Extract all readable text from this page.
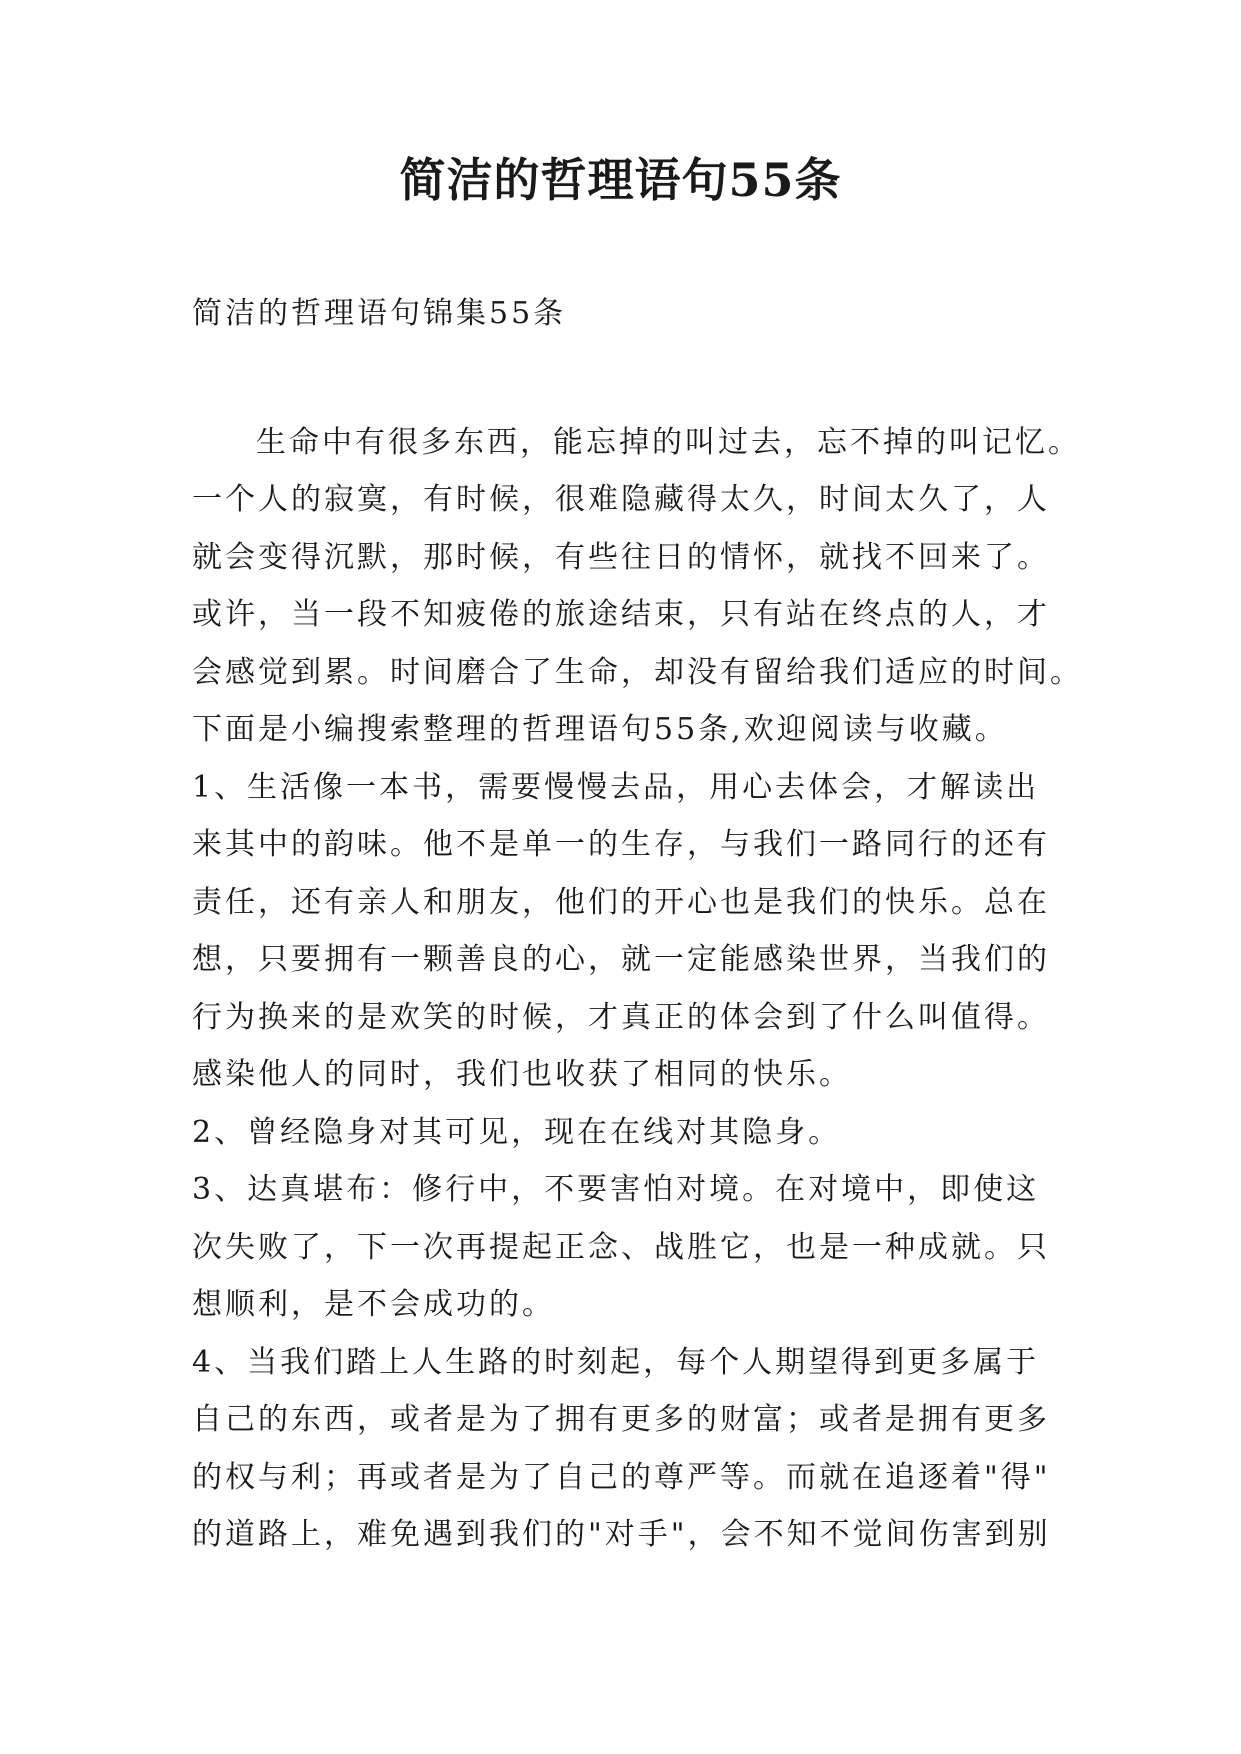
简洁的哲理语句55条
简洁的哲理语句锦集55条
生命中有很多东西，能忘掉的叫过去，忘不掉的叫记忆。
一个人的寂寞，有时候，很难隐藏得太久，时间太久了，人
就会变得沉默，那时候，有些往日的情怀，就找不回来了。
或许，当一段不知疲倦的旅途结束，只有站在终点的人，才
会感觉到累。时间磨合了生命，却没有留给我们适应的时间。
下面是小编搜索整理的哲理语句55条,欢迎阅读与收藏。
1、生活像一本书，需要慢慢去品，用心去体会，才解读出
来其中的韵味。他不是单一的生存，与我们一路同行的还有
责任，还有亲人和朋友，他们的开心也是我们的快乐。总在
想，只要拥有一颗善良的心，就一定能感染世界，当我们的
行为换来的是欢笑的时候，才真正的体会到了什么叫值得。
感染他人的同时，我们也收获了相同的快乐。
2、曾经隐身对其可见，现在在线对其隐身。
3、达真堪布：修行中，不要害怕对境。在对境中，即使这
次失败了，下一次再提起正念、战胜它，也是一种成就。只
想顺利，是不会成功的。
4、当我们踏上人生路的时刻起，每个人期望得到更多属于
自己的东西，或者是为了拥有更多的财富；或者是拥有更多
的权与利；再或者是为了自己的尊严等。而就在追逐着"得"
的道路上，难免遇到我们的"对手"，会不知不觉间伤害到别
